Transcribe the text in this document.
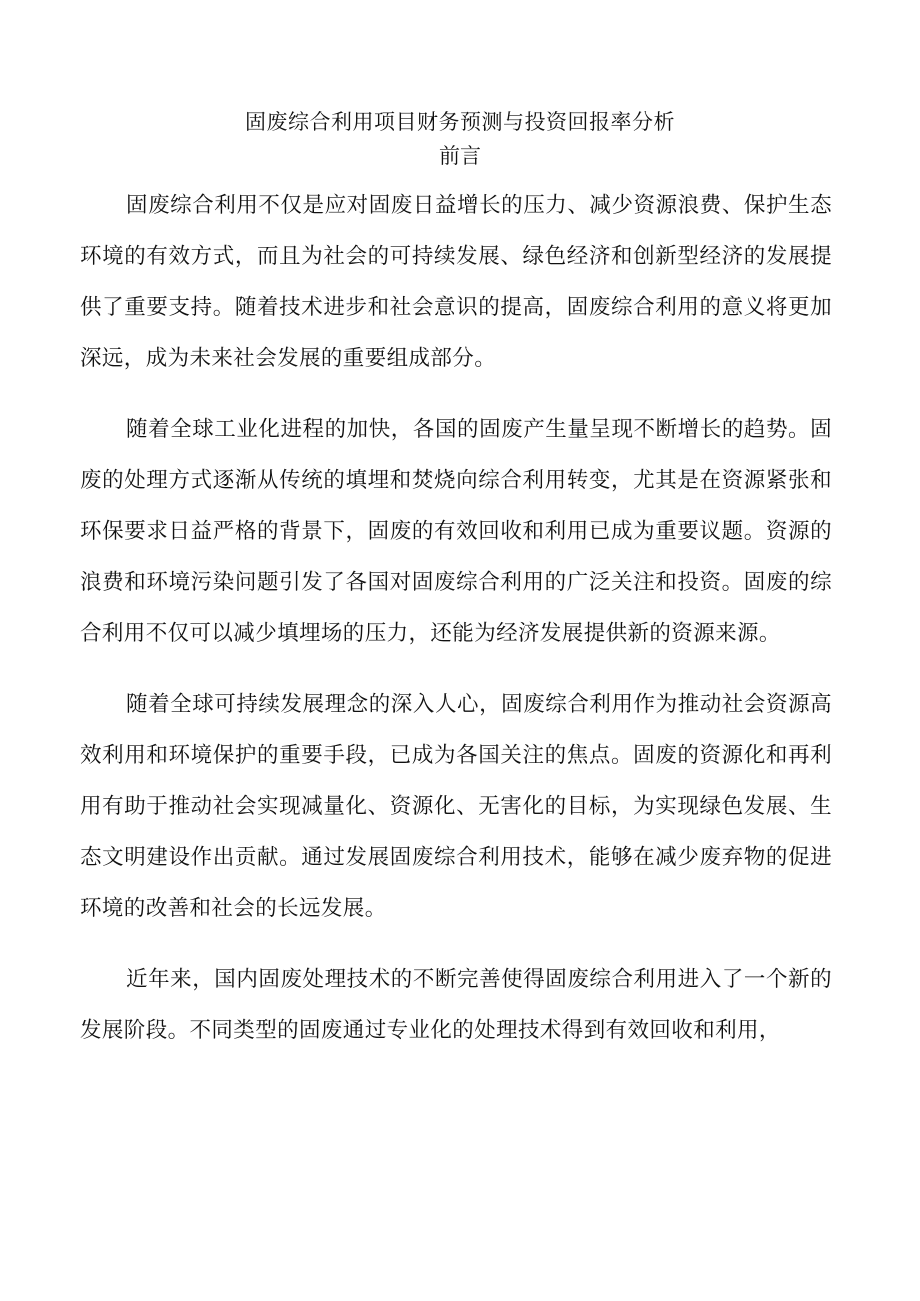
固废综合利用项目财务预测与投资回报率分析
前言

固废综合利用不仅是应对固废日益增长的压力、减少资源浪费、保护生态环境的有效方式，而且为社会的可持续发展、绿色经济和创新型经济的发展提供了重要支持。随着技术进步和社会意识的提高，固废综合利用的意义将更加深远，成为未来社会发展的重要组成部分。

随着全球工业化进程的加快，各国的固废产生量呈现不断增长的趋势。固废的处理方式逐渐从传统的填埋和焚烧向综合利用转变，尤其是在资源紧张和环保要求日益严格的背景下，固废的有效回收和利用已成为重要议题。资源的浪费和环境污染问题引发了各国对固废综合利用的广泛关注和投资。固废的综合利用不仅可以减少填埋场的压力，还能为经济发展提供新的资源来源。

随着全球可持续发展理念的深入人心，固废综合利用作为推动社会资源高效利用和环境保护的重要手段，已成为各国关注的焦点。固废的资源化和再利用有助于推动社会实现减量化、资源化、无害化的目标，为实现绿色发展、生态文明建设作出贡献。通过发展固废综合利用技术，能够在减少废弃物的促进环境的改善和社会的长远发展。

近年来，国内固废处理技术的不断完善使得固废综合利用进入了一个新的发展阶段。不同类型的固废通过专业化的处理技术得到有效回收和利用，
